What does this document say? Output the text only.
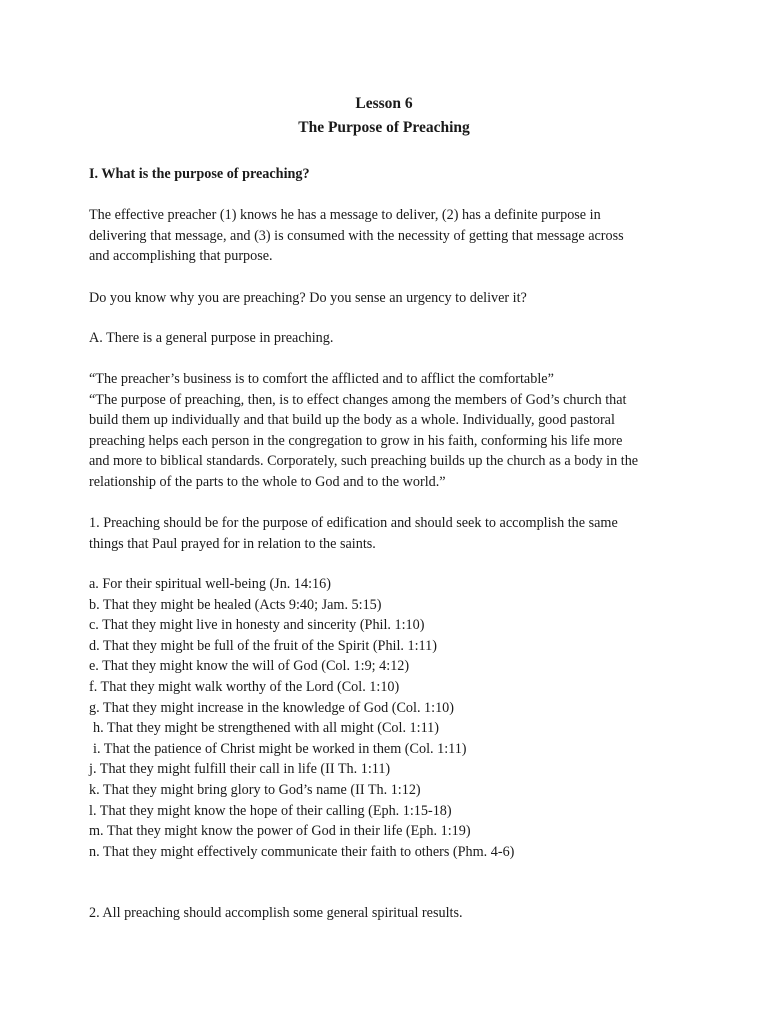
Lesson 6
The Purpose of Preaching
I. What is the purpose of preaching?
The effective preacher (1) knows he has a message to deliver, (2) has a definite purpose in
delivering that message, and (3) is consumed with the necessity of getting that message across
and accomplishing that purpose.
Do you know why you are preaching? Do you sense an urgency to deliver it?
A. There is a general purpose in preaching.
“The preacher’s business is to comfort the afflicted and to afflict the comfortable”
“The purpose of preaching, then, is to effect changes among the members of God’s church that
build them up individually and that build up the body as a whole. Individually, good pastoral
preaching helps each person in the congregation to grow in his faith, conforming his life more
and more to biblical standards. Corporately, such preaching builds up the church as a body in the
relationship of the parts to the whole to God and to the world.”
1. Preaching should be for the purpose of edification and should seek to accomplish the same
things that Paul prayed for in relation to the saints.
a. For their spiritual well-being (Jn. 14:16)
b. That they might be healed (Acts 9:40; Jam. 5:15)
c. That they might live in honesty and sincerity (Phil. 1:10)
d. That they might be full of the fruit of the Spirit (Phil. 1:11)
e. That they might know the will of God (Col. 1:9; 4:12)
f. That they might walk worthy of the Lord (Col. 1:10)
g. That they might increase in the knowledge of God (Col. 1:10)
h. That they might be strengthened with all might (Col. 1:11)
i. That the patience of Christ might be worked in them (Col. 1:11)
j. That they might fulfill their call in life (II Th. 1:11)
k. That they might bring glory to God’s name (II Th. 1:12)
l. That they might know the hope of their calling (Eph. 1:15-18)
m. That they might know the power of God in their life (Eph. 1:19)
n. That they might effectively communicate their faith to others (Phm. 4-6)
2. All preaching should accomplish some general spiritual results.
